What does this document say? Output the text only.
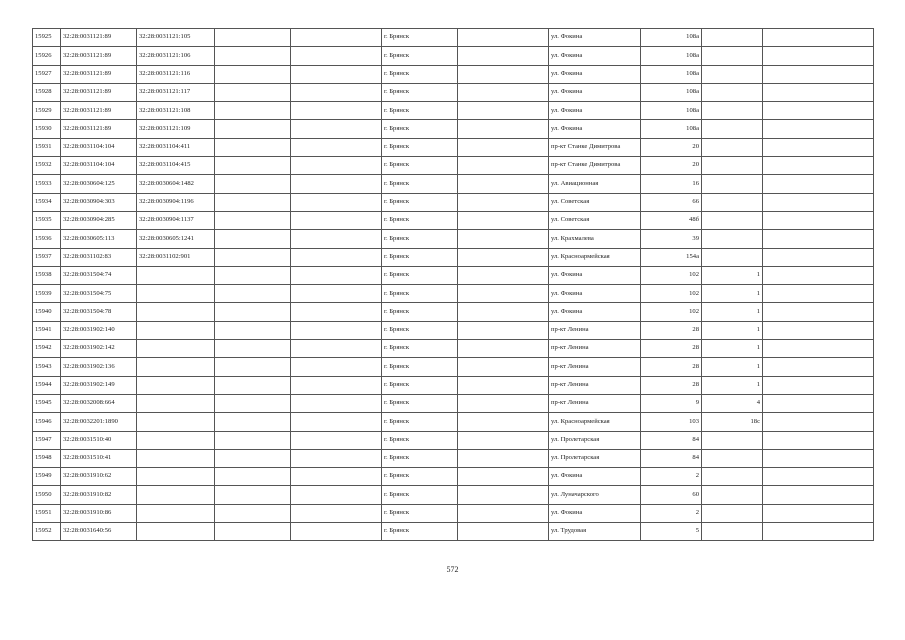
15925	32:28:0031121:89	32:28:0031121:105			г. Брянск		ул. Фокина	108а		
15926	32:28:0031121:89	32:28:0031121:106			г. Брянск		ул. Фокина	108а		
15927	32:28:0031121:89	32:28:0031121:116			г. Брянск		ул. Фокина	108а		
15928	32:28:0031121:89	32:28:0031121:117			г. Брянск		ул. Фокина	108а		
15929	32:28:0031121:89	32:28:0031121:108			г. Брянск		ул. Фокина	108а		
15930	32:28:0031121:89	32:28:0031121:109			г. Брянск		ул. Фокина	108а		
15931	32:28:0031104:104	32:28:0031104:411			г. Брянск		пр-кт Станке Димитрова	20		
15932	32:28:0031104:104	32:28:0031104:415			г. Брянск		пр-кт Станке Димитрова	20		
15933	32:28:0030604:125	32:28:0030604:1482			г. Брянск		ул. Авиационная	16		
15934	32:28:0030904:303	32:28:0030904:1196			г. Брянск		ул. Советская	66		
15935	32:28:0030904:285	32:28:0030904:1137			г. Брянск		ул. Советская	48б		
15936	32:28:0030605:113	32:28:0030605:1241			г. Брянск		ул. Крахмалева	39		
15937	32:28:0031102:83	32:28:0031102:901			г. Брянск		ул. Красноармейская	154а		
15938	32:28:0031504:74				г. Брянск		ул. Фокина	102	1	
15939	32:28:0031504:75				г. Брянск		ул. Фокина	102	1	
15940	32:28:0031504:78				г. Брянск		ул. Фокина	102	1	
15941	32:28:0031902:140				г. Брянск		пр-кт Ленина	28	1	
15942	32:28:0031902:142				г. Брянск		пр-кт Ленина	28	1	
15943	32:28:0031902:136				г. Брянск		пр-кт Ленина	28	1	
15944	32:28:0031902:149				г. Брянск		пр-кт Ленина	28	1	
15945	32:28:0032008:664				г. Брянск		пр-кт Ленина	9	4	
15946	32:28:0032201:1890				г. Брянск		ул. Красноармейская	103	18с	
15947	32:28:0031510:40				г. Брянск		ул. Пролетарская	84		
15948	32:28:0031510:41				г. Брянск		ул. Пролетарская	84		
15949	32:28:0031910:62				г. Брянск		ул. Фокина	2		
15950	32:28:0031910:82				г. Брянск		ул. Луначарского	60		
15951	32:28:0031910:86				г. Брянск		ул. Фокина	2		
15952	32:28:0031640:56				г. Брянск		ул. Трудовая	5		
572
